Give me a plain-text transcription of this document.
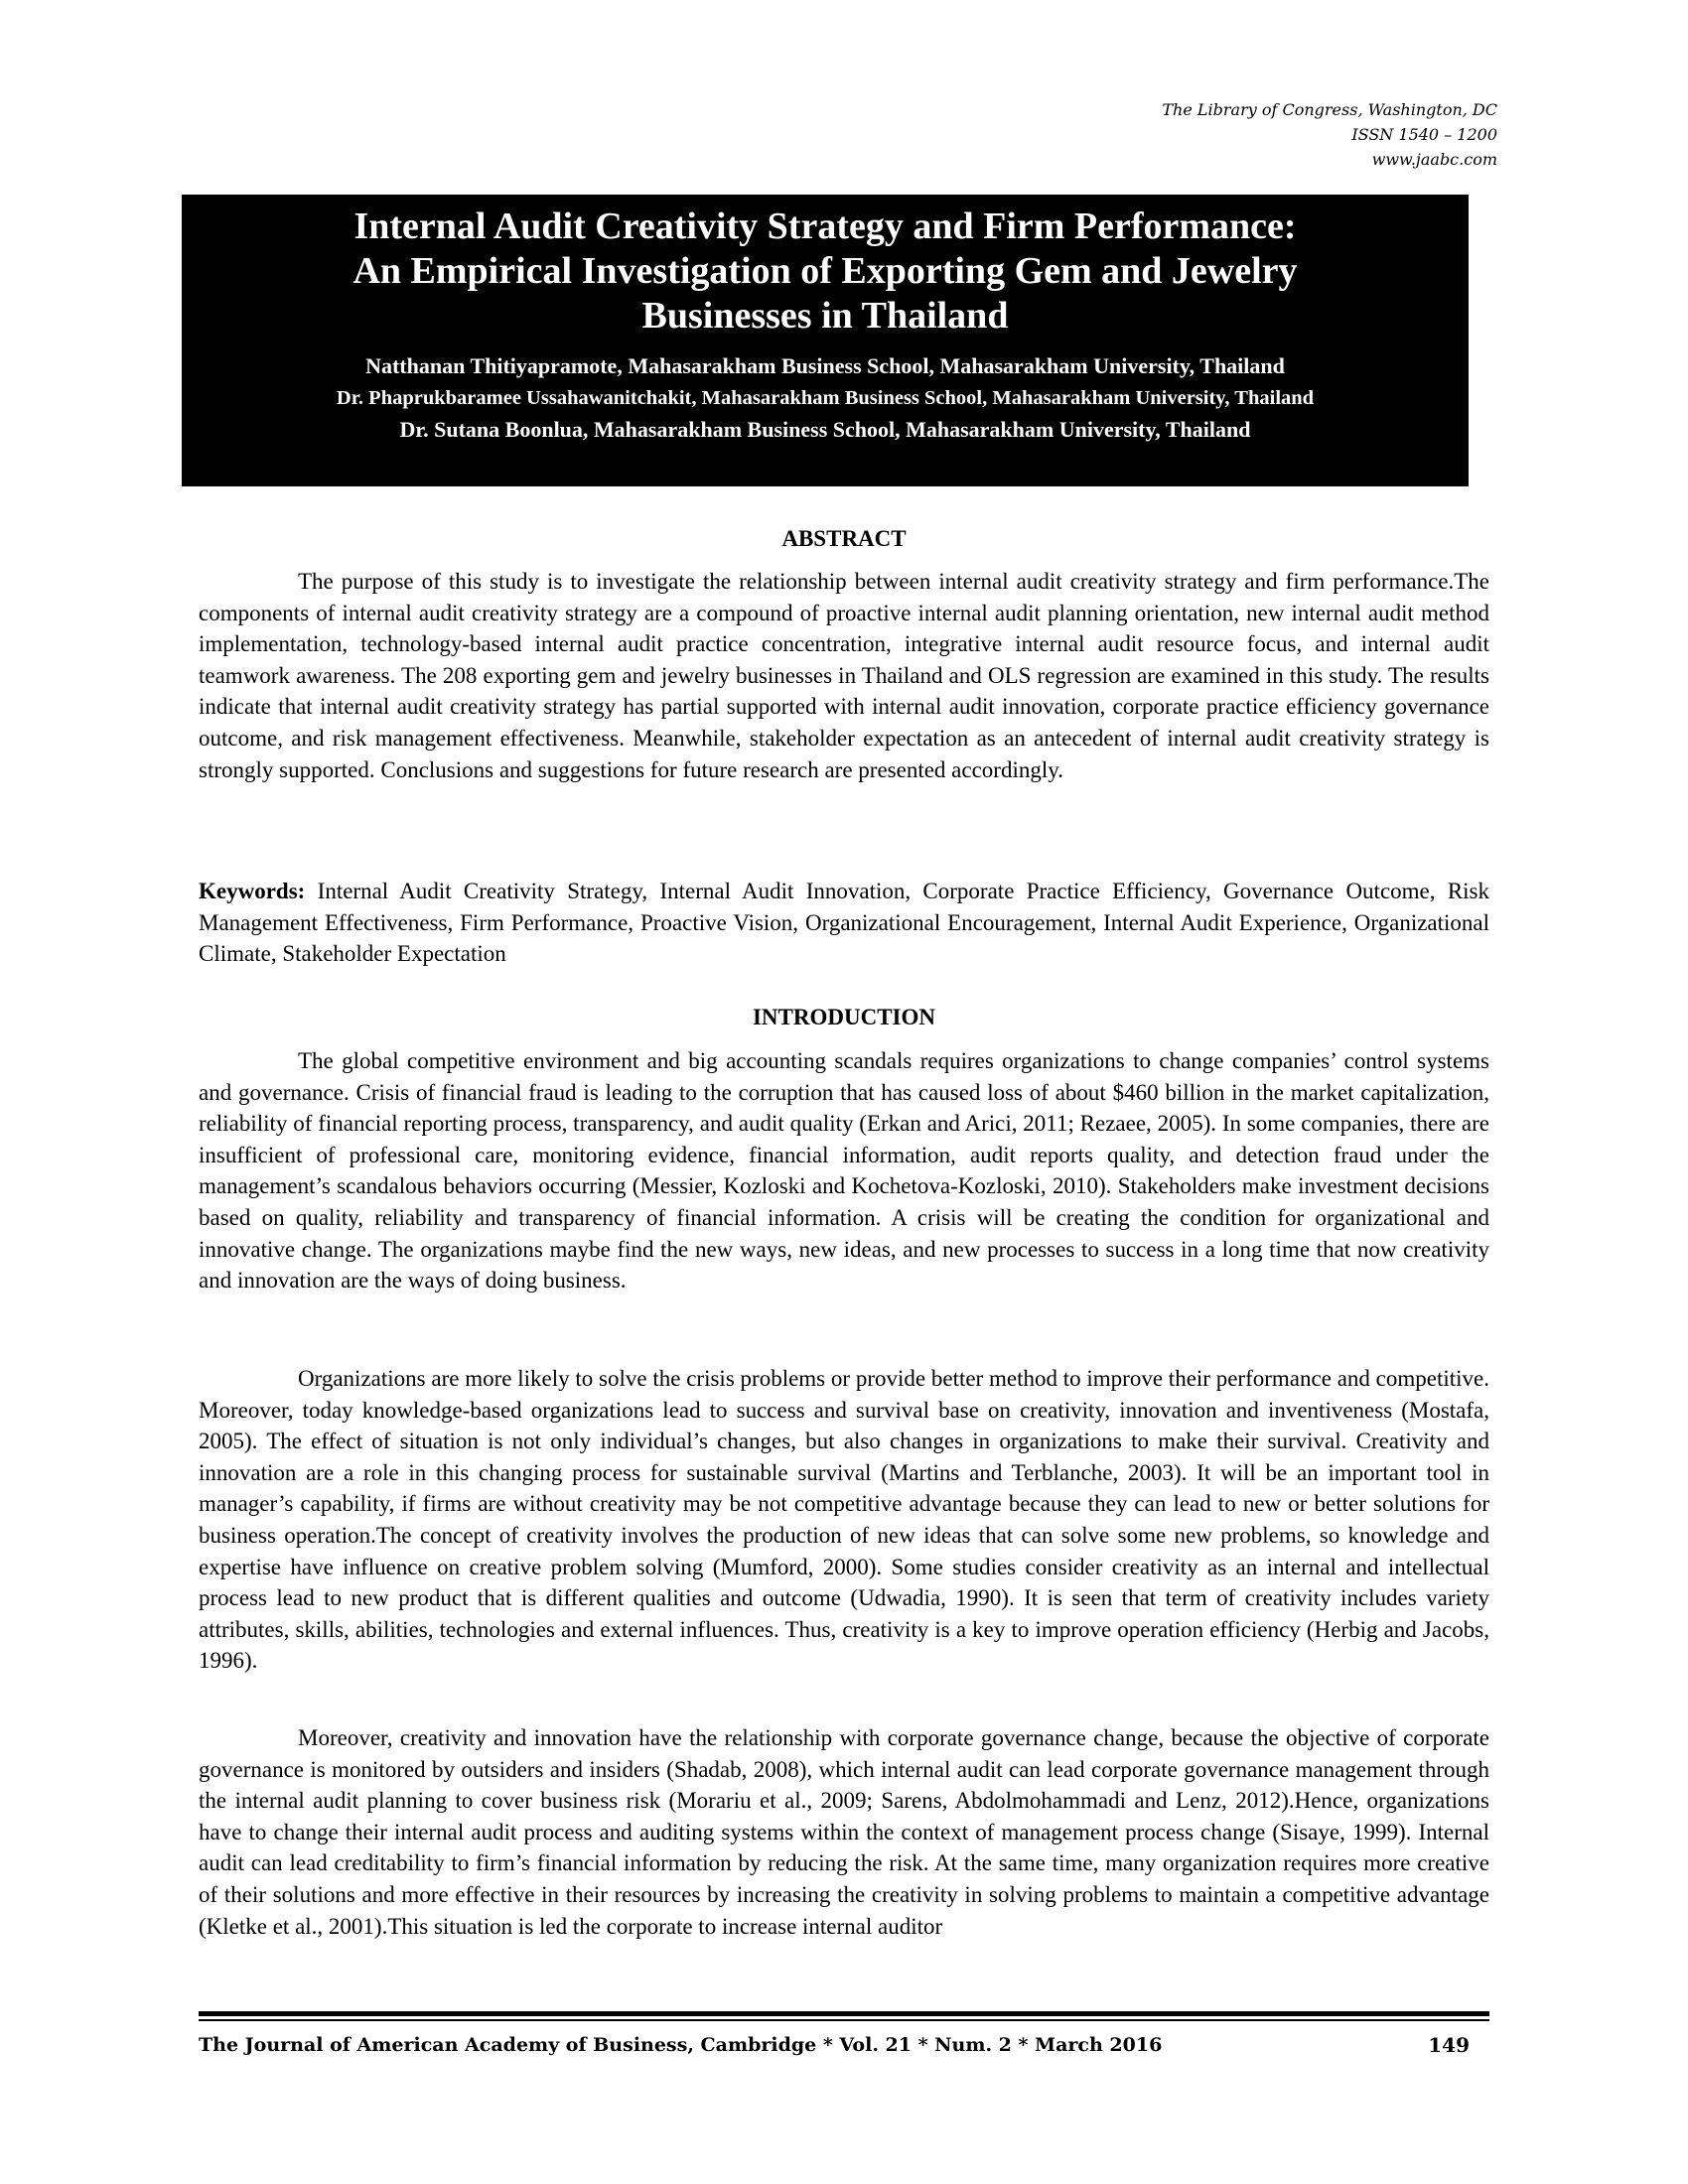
The Library of Congress, Washington, DC
ISSN 1540 – 1200
www.jaabc.com
Internal Audit Creativity Strategy and Firm Performance:
An Empirical Investigation of Exporting Gem and Jewelry
Businesses in Thailand
Natthanan Thitiyapramote, Mahasarakham Business School, Mahasarakham University, Thailand
Dr. Phaprukbaramee Ussahawanitchakit, Mahasarakham Business School, Mahasarakham University, Thailand
Dr. Sutana Boonlua, Mahasarakham Business School, Mahasarakham University, Thailand
ABSTRACT

The purpose of this study is to investigate the relationship between internal audit creativity strategy and firm performance.The components of internal audit creativity strategy are a compound of proactive internal audit planning orientation, new internal audit method implementation, technology-based internal audit practice concentration, integrative internal audit resource focus, and internal audit teamwork awareness. The 208 exporting gem and jewelry businesses in Thailand and OLS regression are examined in this study. The results indicate that internal audit creativity strategy has partial supported with internal audit innovation, corporate practice efficiency governance outcome, and risk management effectiveness. Meanwhile, stakeholder expectation as an antecedent of internal audit creativity strategy is strongly supported. Conclusions and suggestions for future research are presented accordingly.

Keywords: Internal Audit Creativity Strategy, Internal Audit Innovation, Corporate Practice Efficiency, Governance Outcome, Risk Management Effectiveness, Firm Performance, Proactive Vision, Organizational Encouragement, Internal Audit Experience, Organizational Climate, Stakeholder Expectation

INTRODUCTION

The global competitive environment and big accounting scandals requires organizations to change companies’ control systems and governance. Crisis of financial fraud is leading to the corruption that has caused loss of about $460 billion in the market capitalization, reliability of financial reporting process, transparency, and audit quality (Erkan and Arici, 2011; Rezaee, 2005). In some companies, there are insufficient of professional care, monitoring evidence, financial information, audit reports quality, and detection fraud under the management’s scandalous behaviors occurring (Messier, Kozloski and Kochetova-Kozloski, 2010). Stakeholders make investment decisions based on quality, reliability and transparency of financial information. A crisis will be creating the condition for organizational and innovative change. The organizations maybe find the new ways, new ideas, and new processes to success in a long time that now creativity and innovation are the ways of doing business.

Organizations are more likely to solve the crisis problems or provide better method to improve their performance and competitive. Moreover, today knowledge-based organizations lead to success and survival base on creativity, innovation and inventiveness (Mostafa, 2005). The effect of situation is not only individual’s changes, but also changes in organizations to make their survival. Creativity and innovation are a role in this changing process for sustainable survival (Martins and Terblanche, 2003). It will be an important tool in manager’s capability, if firms are without creativity may be not competitive advantage because they can lead to new or better solutions for business operation.The concept of creativity involves the production of new ideas that can solve some new problems, so knowledge and expertise have influence on creative problem solving (Mumford, 2000). Some studies consider creativity as an internal and intellectual process lead to new product that is different qualities and outcome (Udwadia, 1990). It is seen that term of creativity includes variety attributes, skills, abilities, technologies and external influences. Thus, creativity is a key to improve operation efficiency (Herbig and Jacobs, 1996).

Moreover, creativity and innovation have the relationship with corporate governance change, because the objective of corporate governance is monitored by outsiders and insiders (Shadab, 2008), which internal audit can lead corporate governance management through the internal audit planning to cover business risk (Morariu et al., 2009; Sarens, Abdolmohammadi and Lenz, 2012).Hence, organizations have to change their internal audit process and auditing systems within the context of management process change (Sisaye, 1999). Internal audit can lead creditability to firm’s financial information by reducing the risk. At the same time, many organization requires more creative of their solutions and more effective in their resources by increasing the creativity in solving problems to maintain a competitive advantage (Kletke et al., 2001).This situation is led the corporate to increase internal auditor

The Journal of American Academy of Business, Cambridge * Vol. 21 * Num. 2 * March 2016	149
